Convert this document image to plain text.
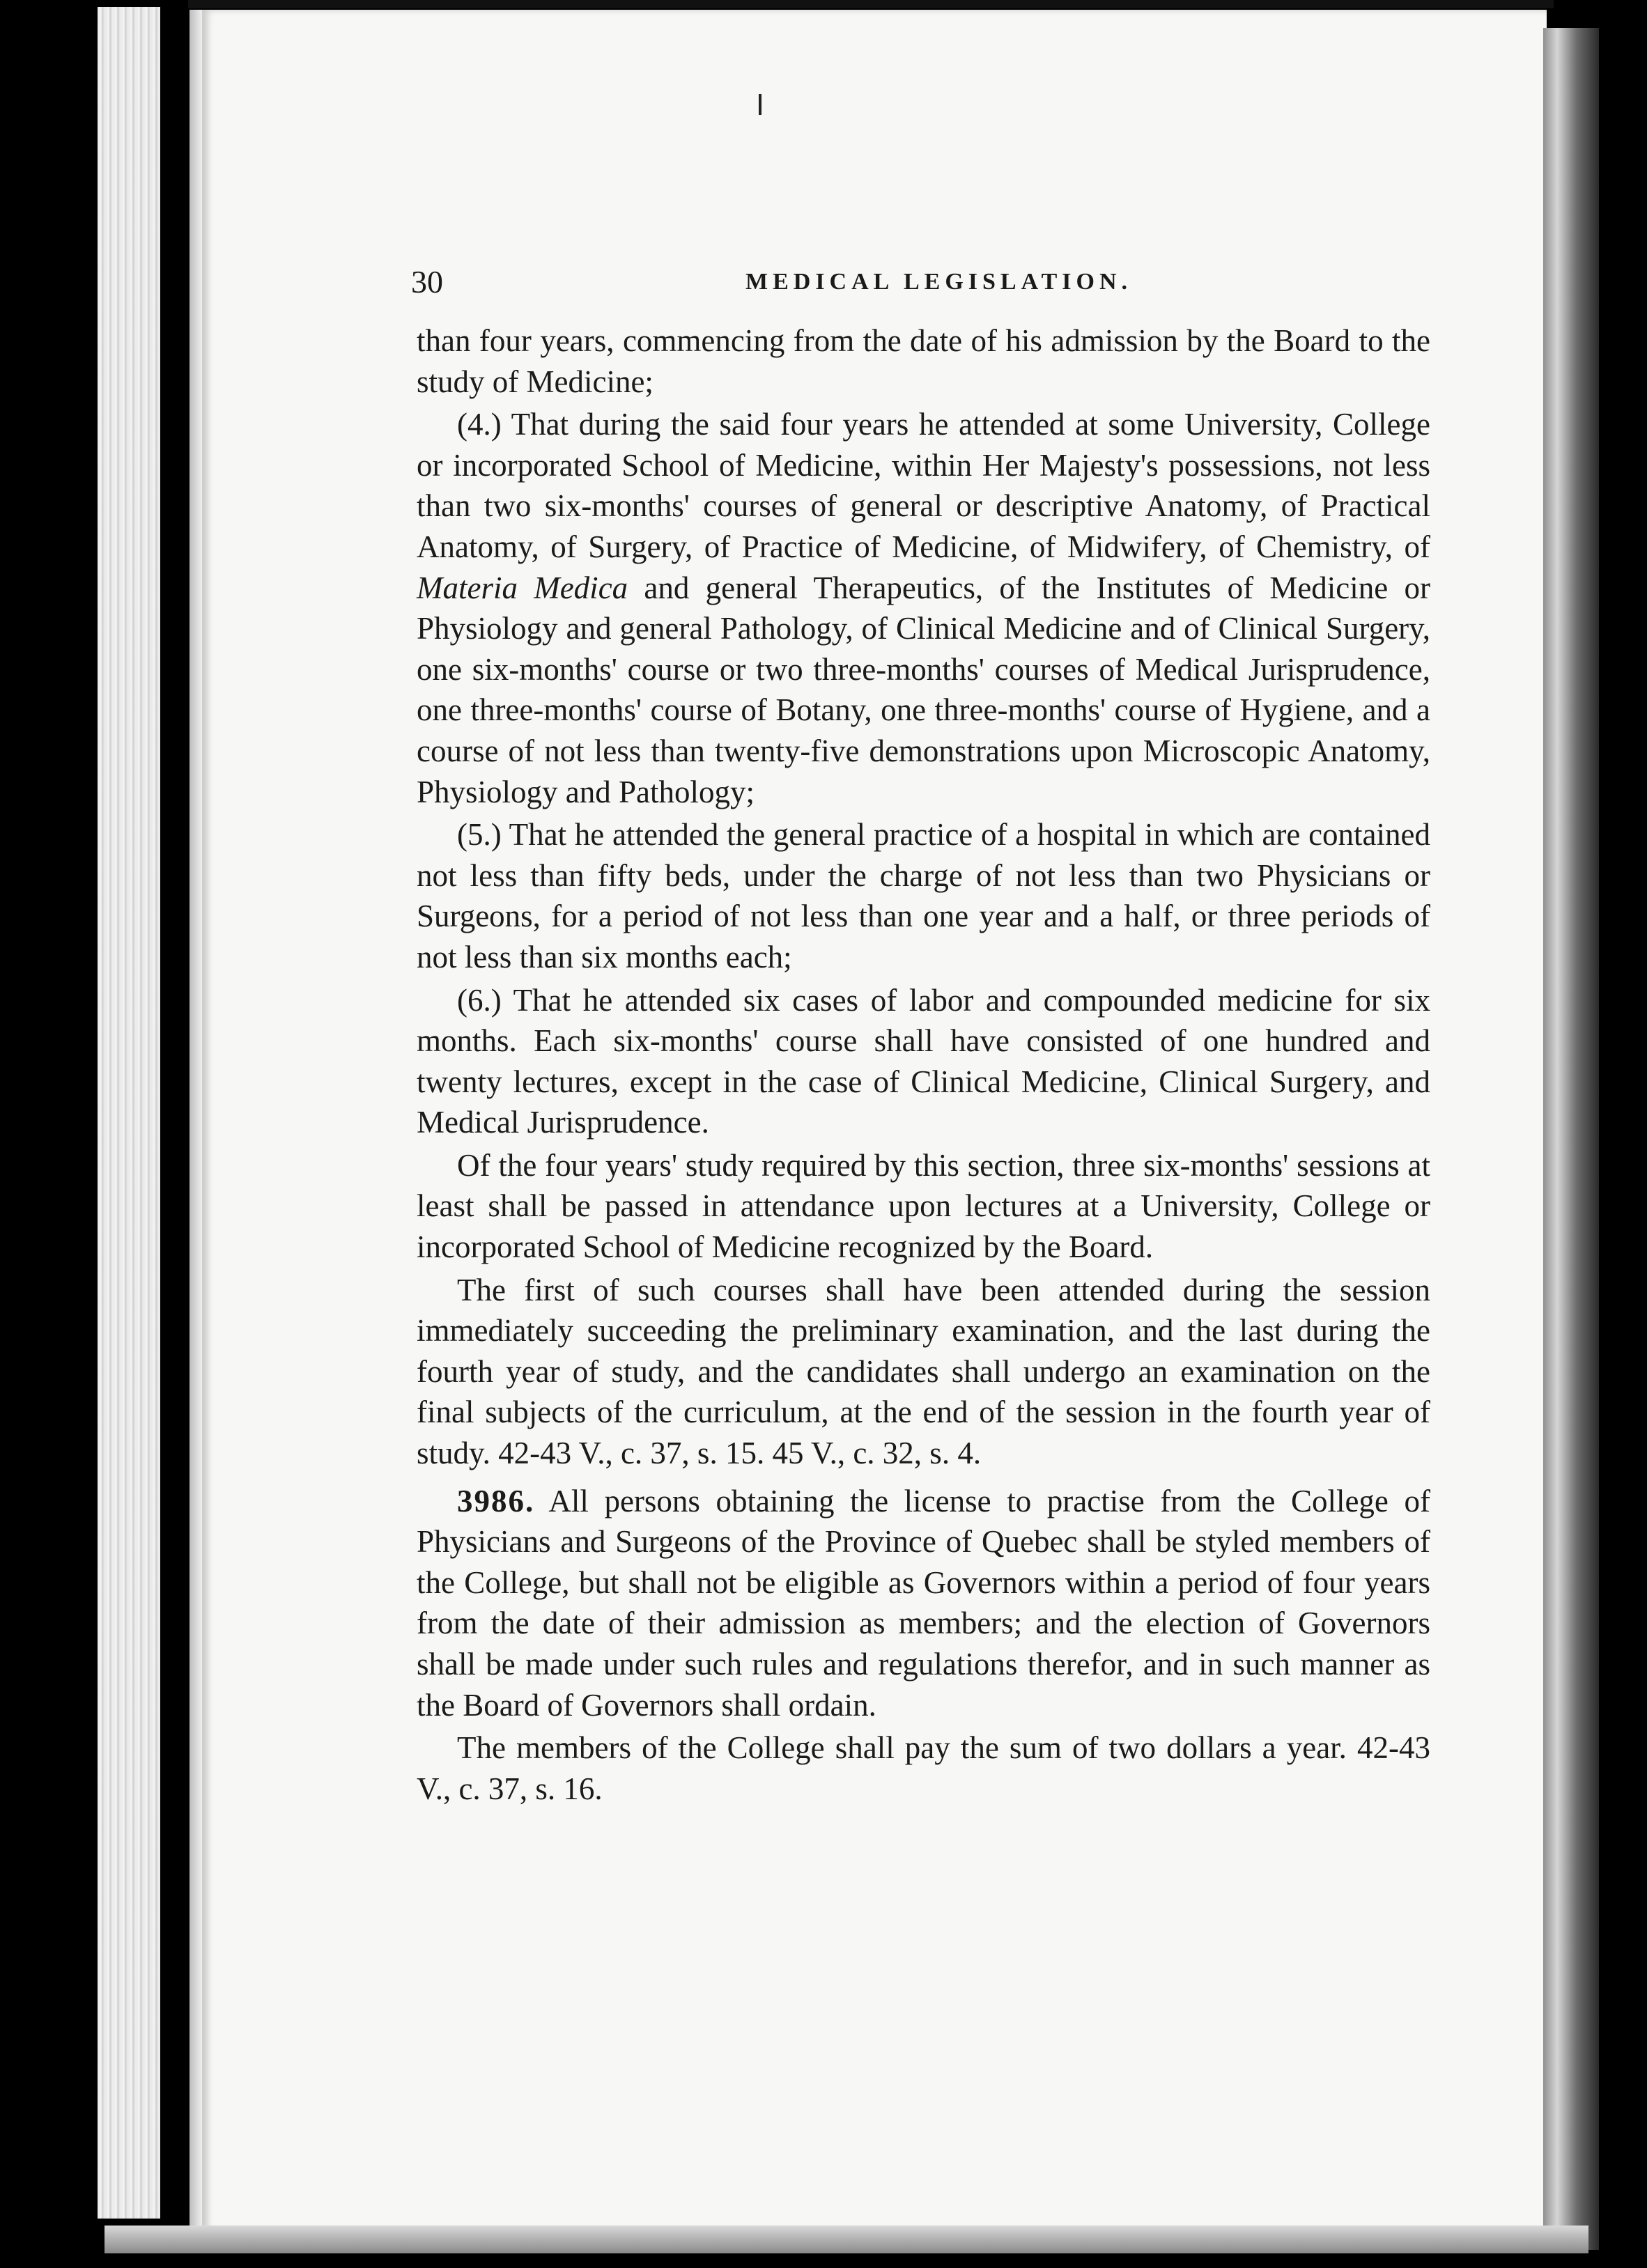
30	MEDICAL LEGISLATION.

than four years, commencing from the date of his admission by the Board to the study of Medicine;

(4.) That during the said four years he attended at some University, College or incorporated School of Medicine, within Her Majesty's possessions, not less than two six-months' courses of general or descriptive Anatomy, of Practical Anatomy, of Surgery, of Practice of Medicine, of Midwifery, of Chemistry, of Materia Medica and general Therapeutics, of the Institutes of Medicine or Physiology and general Pathology, of Clinical Medicine and of Clinical Surgery, one six-months' course or two three-months' courses of Medical Jurisprudence, one three-months' course of Botany, one three-months' course of Hygiene, and a course of not less than twenty-five demonstrations upon Microscopic Anatomy, Physiology and Pathology;

(5.) That he attended the general practice of a hospital in which are contained not less than fifty beds, under the charge of not less than two Physicians or Surgeons, for a period of not less than one year and a half, or three periods of not less than six months each;

(6.) That he attended six cases of labor and compounded medicine for six months. Each six-months' course shall have consisted of one hundred and twenty lectures, except in the case of Clinical Medicine, Clinical Surgery, and Medical Jurisprudence.

Of the four years' study required by this section, three six-months' sessions at least shall be passed in attendance upon lectures at a University, College or incorporated School of Medicine recognized by the Board.

The first of such courses shall have been attended during the session immediately succeeding the preliminary examination, and the last during the fourth year of study, and the candidates shall undergo an examination on the final subjects of the curriculum, at the end of the session in the fourth year of study. 42-43 V., c. 37, s. 15. 45 V., c. 32, s. 4.

3986. All persons obtaining the license to practise from the College of Physicians and Surgeons of the Province of Quebec shall be styled members of the College, but shall not be eligible as Governors within a period of four years from the date of their admission as members; and the election of Governors shall be made under such rules and regulations therefor, and in such manner as the Board of Governors shall ordain.

The members of the College shall pay the sum of two dollars a year. 42-43 V., c. 37, s. 16.
